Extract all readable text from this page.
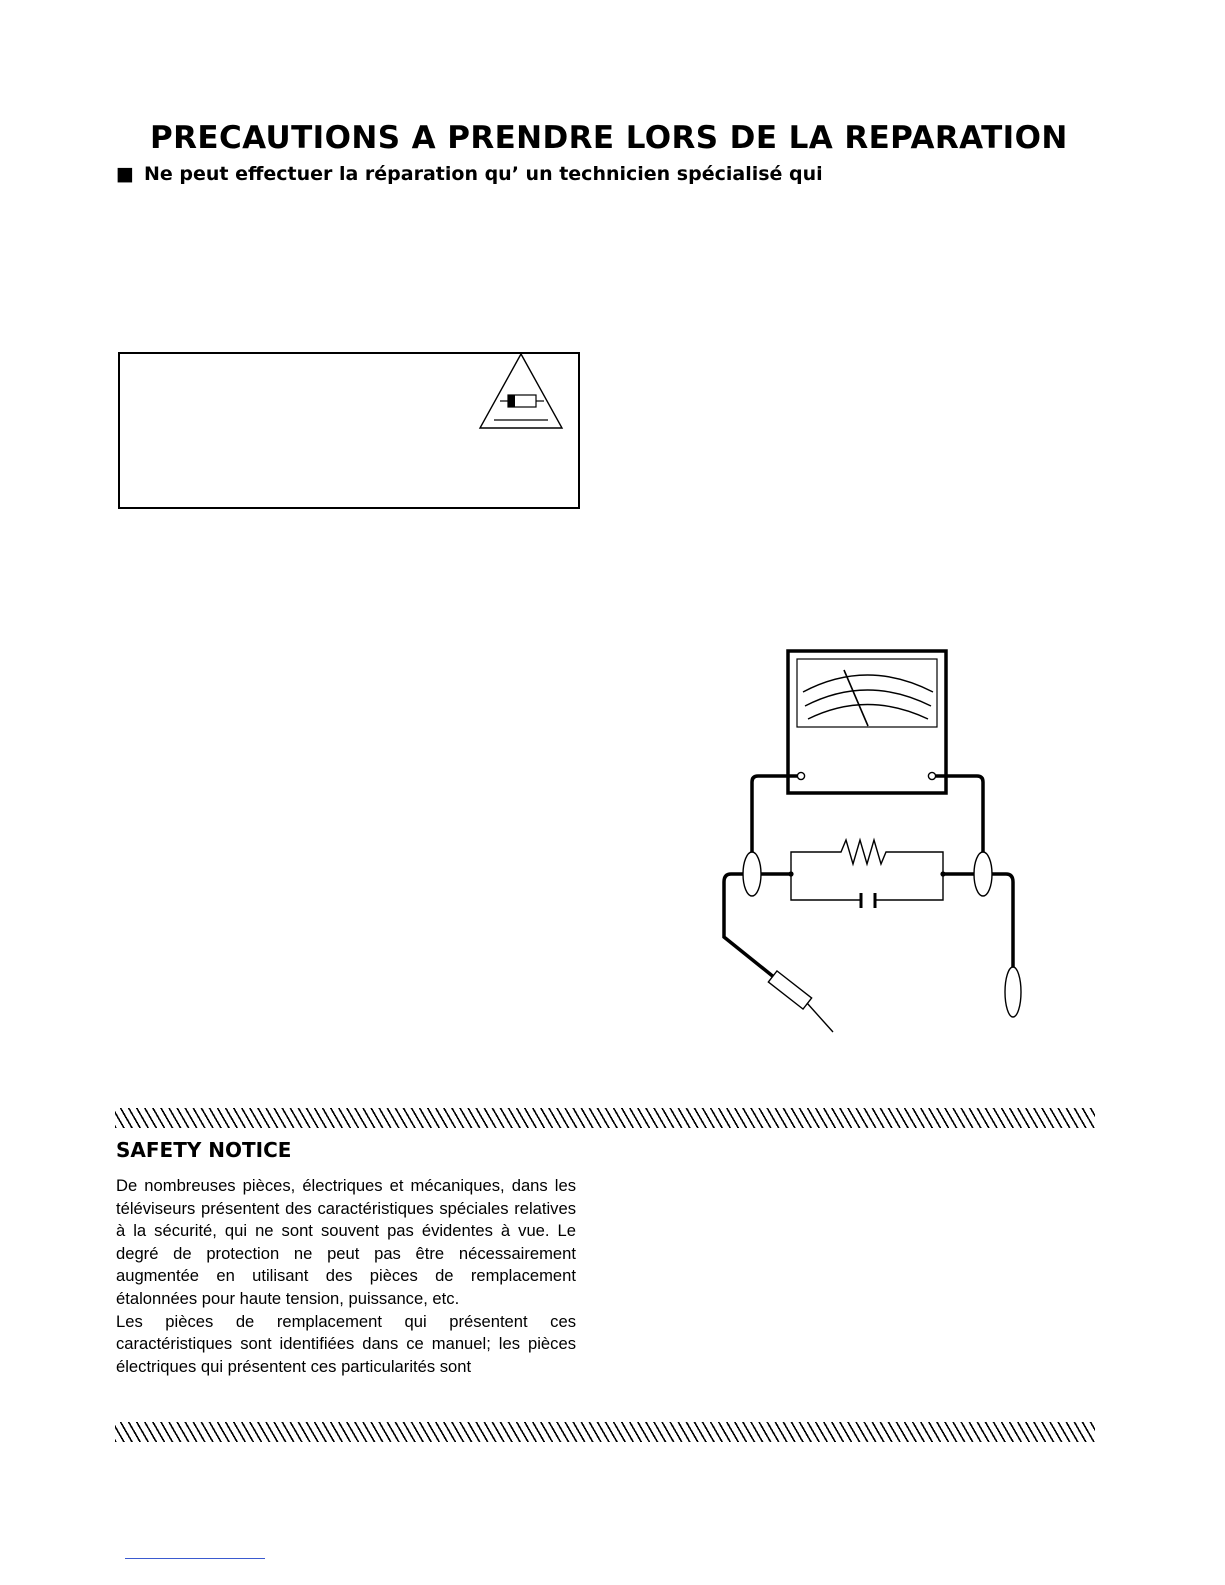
PRECAUTIONS A PRENDRE LORS DE LA REPARATION
■ Ne peut effectuer la réparation qu’ un technicien spécialisé qui
SAFETY NOTICE

De nombreuses pièces, électriques et mécaniques, dans les téléviseurs présentent des caractéristiques spéciales relatives à la sécurité, qui ne sont souvent pas évidentes à vue. Le degré de protection ne peut pas être nécessairement augmentée en utilisant des pièces de remplacement étalonnées pour haute tension, puissance, etc.

Les pièces de remplacement qui présentent ces caractéristiques sont identifiées dans ce manuel; les pièces électriques qui présentent ces particularités sont
